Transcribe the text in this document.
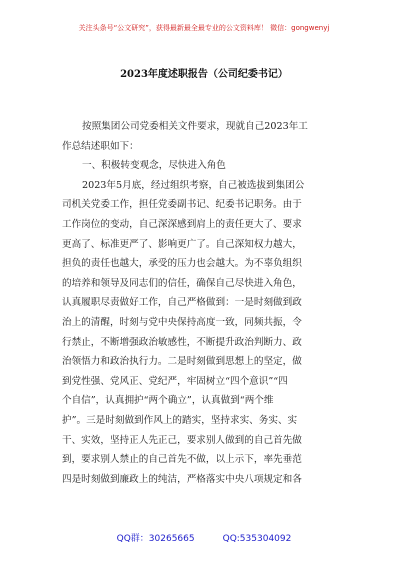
关注头条号“公文研究”，获得最新最全最专业的公文资料库！ 微信：gongwenyj
2023年度述职报告（公司纪委书记）
按照集团公司党委相关文件要求，现就自己2023年工
作总结述职如下：
一、积极转变观念，尽快进入角色
2023年5月底，经过组织考察，自己被选拔到集团公
司机关党委工作，担任党委副书记、纪委书记职务。由于
工作岗位的变动，自己深深感到肩上的责任更大了、要求
更高了、标准更严了、影响更广了。自己深知权力越大，
担负的责任也越大，承受的压力也会越大。为不辜负组织
的培养和领导及同志们的信任，确保自己尽快进入角色，
认真履职尽责做好工作，自己严格做到：一是时刻做到政
治上的清醒，时刻与党中央保持高度一致，同频共振，令
行禁止，不断增强政治敏感性，不断提升政治判断力、政
治领悟力和政治执行力。二是时刻做到思想上的坚定，做
到党性强、党风正、党纪严，牢固树立“四个意识”“四
个自信”，认真拥护“两个确立”，认真做到“两个维
护”。三是时刻做到作风上的踏实，坚持求实、务实、实
干、实效，坚持正人先正己，要求别人做到的自己首先做
到，要求别人禁止的自己首先不做，以上示下，率先垂范
四是时刻做到廉政上的纯洁，严格落实中央八项规定和各
QQ群：30265665	QQ:535304092
